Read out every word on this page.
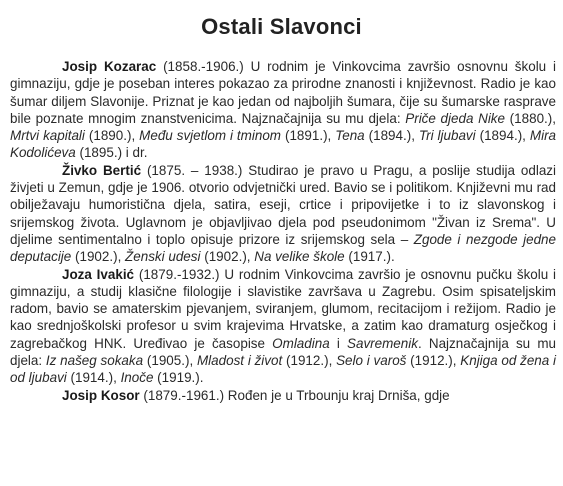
Ostali Slavonci

Josip Kozarac (1858.-1906.) U rodnim je Vinkovcima završio osnovnu školu i gimnaziju, gdje je poseban interes pokazao za prirodne znanosti i književnost. Radio je kao šumar diljem Slavonije. Priznat je kao jedan od najboljih šumara, čije su šumarske rasprave bile poznate mnogim znanstvenicima. Najznačajnija su mu djela: Priče djeda Nike (1880.), Mrtvi kapitali (1890.), Među svjetlom i tminom (1891.), Tena (1894.), Tri ljubavi (1894.), Mira Kodolićeva (1895.) i dr.

Živko Bertić (1875. – 1938.) Studirao je pravo u Pragu, a poslije studija odlazi živjeti u Zemun, gdje je 1906. otvorio odvjetnički ured. Bavio se i politikom. Književni mu rad obilježavaju humoristična djela, satira, eseji, crtice i pripovijetke i to iz slavonskog i srijemskog života. Uglavnom je objavljivao djela pod pseudonimom "Živan iz Srema". U djelime sentimentalno i toplo opisuje prizore iz srijemskog sela – Zgode i nezgode jedne deputacije (1902.), Ženski udesi (1902.), Na velike škole (1917.).

Joza Ivakić (1879.-1932.) U rodnim Vinkovcima završio je osnovnu pučku školu i gimnaziju, a studij klasične filologije i slavistike završava u Zagrebu. Osim spisateljskim radom, bavio se amaterskim pjevanjem, sviranjem, glumom, recitacijom i režijom. Radio je kao srednjoškolski profesor u svim krajevima Hrvatske, a zatim kao dramaturg osječkog i zagrebačkog HNK. Uređivao je časopise Omladina i Savremenik. Najznačajnija su mu djela: Iz našeg sokaka (1905.), Mladost i život (1912.), Selo i varoš (1912.), Knjiga od žena i od ljubavi (1914.), Inoče (1919.).

Josip Kosor (1879.-1961.) Rođen je u Trbounju kraj Drniša, gdje
